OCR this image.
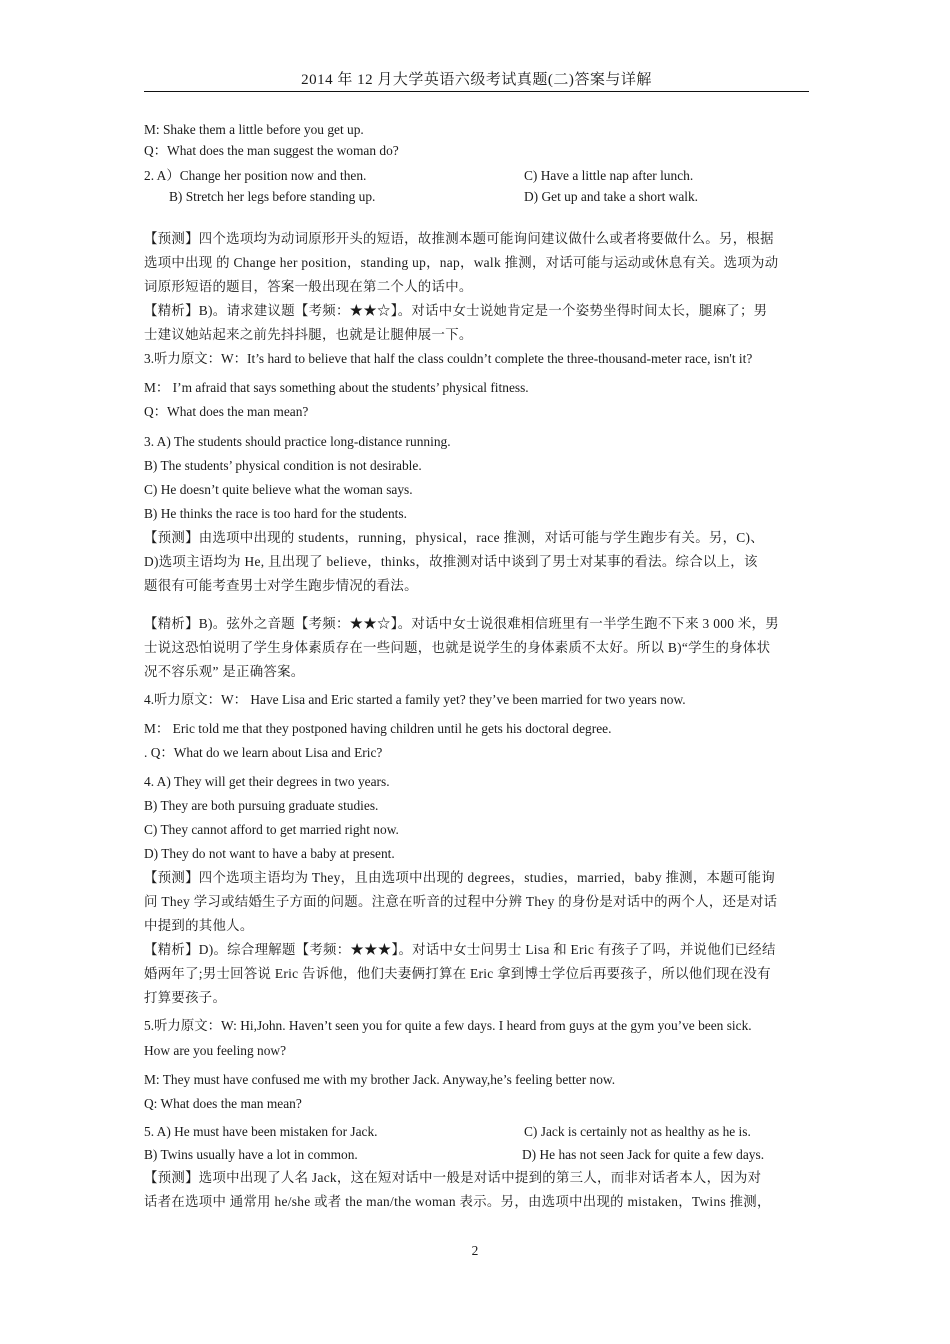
2014 年 12 月大学英语六级考试真题(二)答案与详解
M: Shake them a little before you get up.
Q：What does the man suggest the woman do?
2. A）Change her position now and then.	C) Have a little nap after lunch.
B) Stretch her legs before standing up.	D) Get up and take a short walk.
【预测】四个选项均为动词原形开头的短语，故推测本题可能询问建议做什么或者将要做什么。另，根据
选项中出现 的 Change her position，standing up，nap，walk 推测，对话可能与运动或休息有关。选项为动
词原形短语的题目，答案一般出现在第二个人的话中。
【精析】B)。请求建议题【考频：★★☆】。对话中女士说她肯定是一个姿势坐得时间太长，腿麻了；男
士建议她站起来之前先抖抖腿，也就是让腿伸展一下。
3.听力原文：W：It’s hard to believe that half the class couldn’t complete the three-thousand-meter race, isn't it?
M： I’m afraid that says something about the students’ physical fitness.
Q：What does the man mean?
3. A) The students should practice long-distance running.
B) The students’ physical condition is not desirable.
C) He doesn’t quite believe what the woman says.
B) He thinks the race is too hard for the students.
【预测】由选项中出现的 students，running，physical，race 推测，对话可能与学生跑步有关。另，C)、
D)选项主语均为 He, 且出现了 believe，thinks，故推测对话中谈到了男士对某事的看法。综合以上，该
题很有可能考查男士对学生跑步情况的看法。
【精析】B)。弦外之音题【考频：★★☆】。对话中女士说很难相信班里有一半学生跑不下来 3 000 米，男
士说这恐怕说明了学生身体素质存在一些问题，也就是说学生的身体素质不太好。所以 B)“学生的身体状
况不容乐观” 是正确答案。
4.听力原文：W： Have Lisa and Eric started a family yet? they’ve been married for two years now.
M： Eric told me that they postponed having children until he gets his doctoral degree.
. Q：What do we learn about Lisa and Eric?
4. A) They will get their degrees in two years.
B) They are both pursuing graduate studies.
C) They cannot afford to get married right now.
D) They do not want to have a baby at present.
【预测】四个选项主语均为 They，且由选项中出现的 degrees，studies，married，baby 推测，本题可能询
问 They 学习或结婚生子方面的问题。注意在听音的过程中分辨 They 的身份是对话中的两个人，还是对话
中提到的其他人。
【精析】D)。综合理解题【考频：★★★】。对话中女士问男士 Lisa 和 Eric 有孩子了吗，并说他们已经结
婚两年了;男士回答说 Eric 告诉他，他们夫妻俩打算在 Eric 拿到博士学位后再要孩子，所以他们现在没有
打算要孩子。
5.听力原文：W: Hi,John. Haven’t seen you for quite a few days. I heard from guys at the gym you’ve been sick.
How are you feeling now?
M: They must have confused me with my brother Jack. Anyway,he’s feeling better now.
Q: What does the man mean?
5. A) He must have been mistaken for Jack.	C) Jack is certainly not as healthy as he is.
B) Twins usually have a lot in common.	D) He has not seen Jack for quite a few days.
【预测】选项中出现了人名 Jack，这在短对话中一般是对话中提到的第三人，而非对话者本人，因为对
话者在选项中 通常用 he/she 或者 the man/the woman 表示。另，由选项中出现的 mistaken，Twins 推测，
2
